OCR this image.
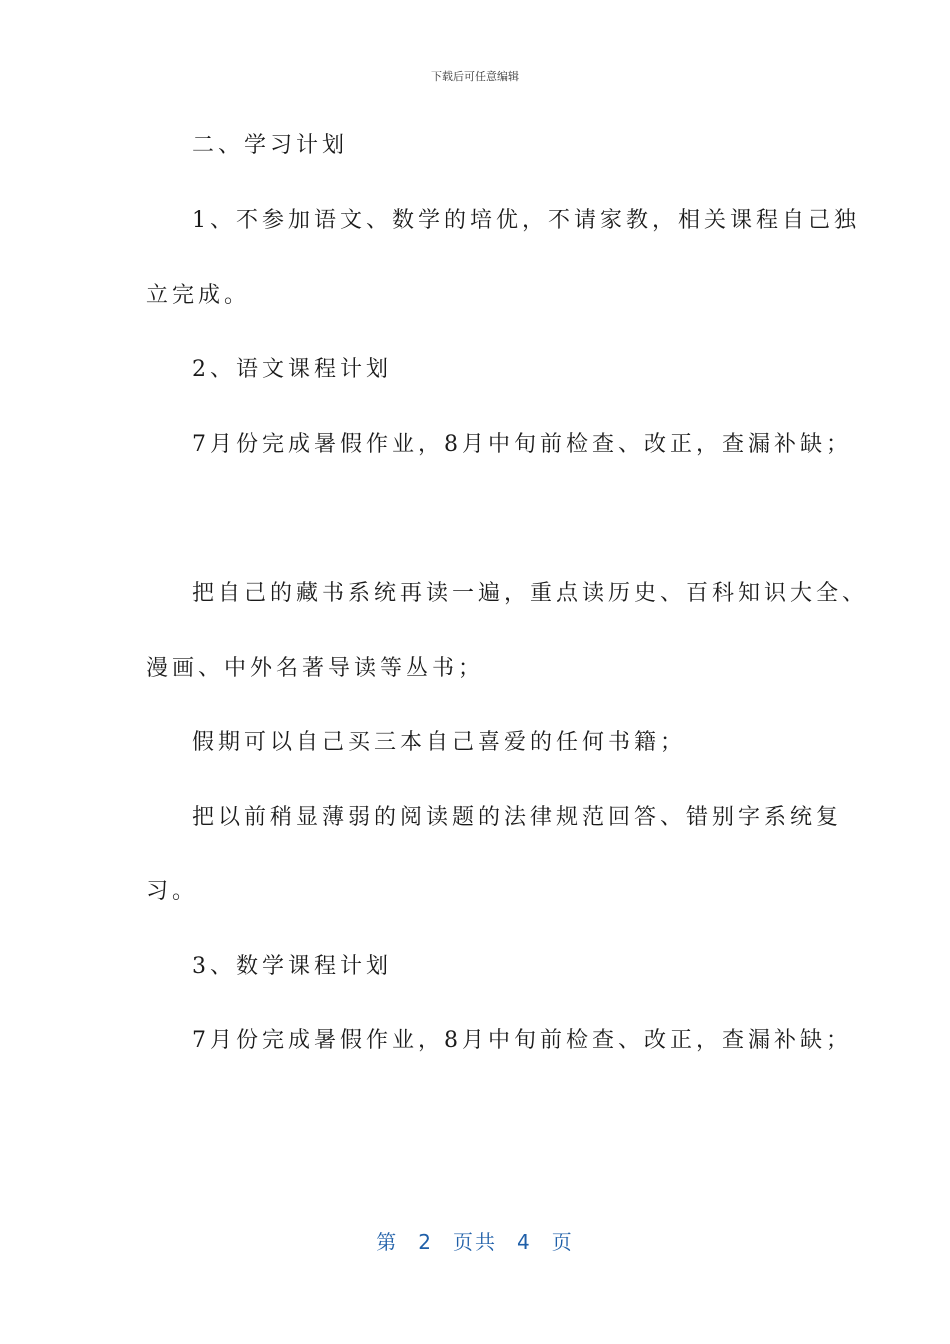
下载后可任意编辑
二、学习计划
1、不参加语文、数学的培优，不请家教，相关课程自己独
立完成。
2、语文课程计划
7月份完成暑假作业，8月中旬前检查、改正，查漏补缺；
把自己的藏书系统再读一遍，重点读历史、百科知识大全、
漫画、中外名著导读等丛书；
假期可以自己买三本自己喜爱的任何书籍；
把以前稍显薄弱的阅读题的法律规范回答、错别字系统复
习。
3、数学课程计划
7月份完成暑假作业，8月中旬前检查、改正，查漏补缺；
第 2 页共 4 页
